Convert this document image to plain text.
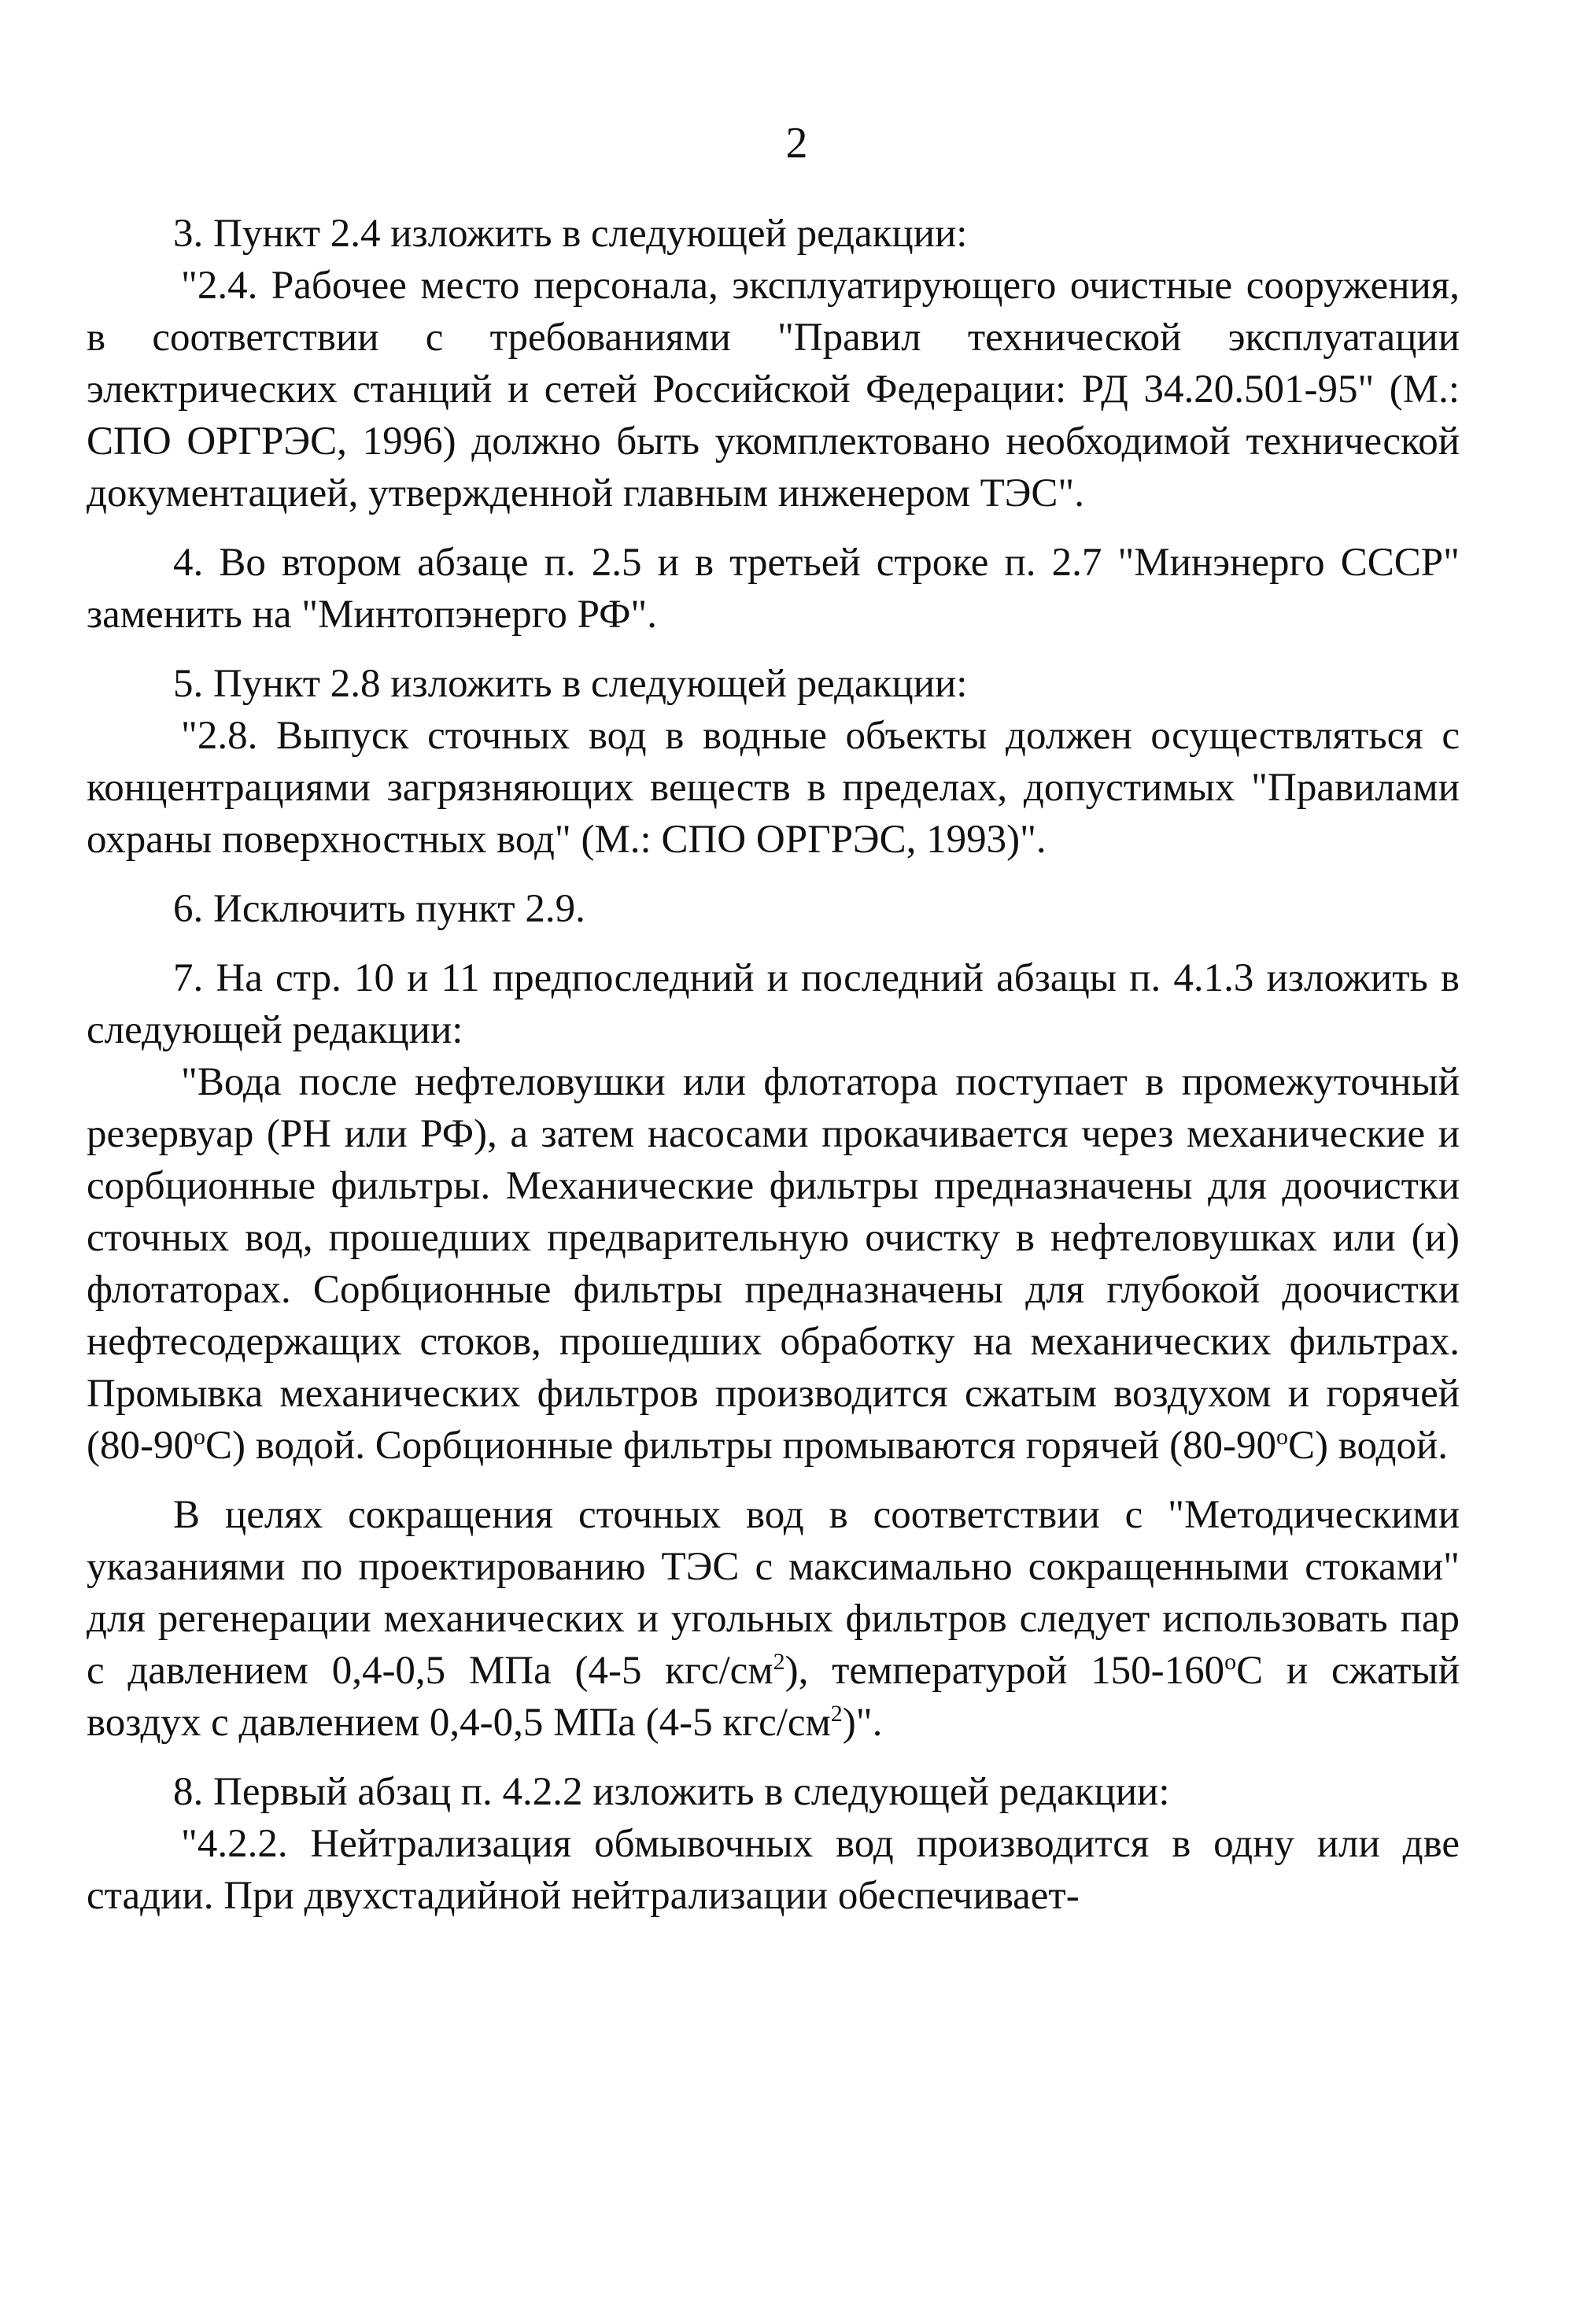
2

3. Пункт 2.4 изложить в следующей редакции:

"2.4. Рабочее место персонала, эксплуатирующего очистные сооружения, в соответствии с требованиями "Правил технической эксплуатации электрических станций и сетей Российской Федерации: РД 34.20.501-95" (М.: СПО ОРГРЭС, 1996) должно быть укомплектовано необходимой технической документацией, утвержденной главным инженером ТЭС".

4. Во втором абзаце п. 2.5 и в третьей строке п. 2.7 "Минэнерго СССР" заменить на "Минтопэнерго РФ".

5. Пункт 2.8 изложить в следующей редакции:

"2.8. Выпуск сточных вод в водные объекты должен осуществляться с концентрациями загрязняющих веществ в пределах, допустимых "Правилами охраны поверхностных вод" (М.: СПО ОРГРЭС, 1993)".

6. Исключить пункт 2.9.

7. На стр. 10 и 11 предпоследний и последний абзацы п. 4.1.3 изложить в следующей редакции:

"Вода после нефтеловушки или флотатора поступает в промежуточный резервуар (РН или РФ), а затем насосами прокачивается через механические и сорбционные фильтры. Механические фильтры предназначены для доочистки сточных вод, прошедших предварительную очистку в нефтеловушках или (и) флотаторах. Сорбционные фильтры предназначены для глубокой доочистки нефтесодержащих стоков, прошедших обработку на механических фильтрах. Промывка механических фильтров производится сжатым воздухом и горячей $(80-90^оС)$ водой. Сорбционные фильтры промываются горячей $(80-90^оС)$ водой.

В целях сокращения сточных вод в соответствии с "Методическими указаниями по проектированию ТЭС с максимально сокращенными стоками" для регенерации механических и угольных фильтров следует использовать пар с давлением 0,4-0,5 МПа (4-5 кгс/$см^2$), температурой $150-160^оС$ и сжатый воздух с давлением 0,4-0,5 МПа (4-5 кгс/$см^2$)".

8. Первый абзац п. 4.2.2 изложить в следующей редакции:

"4.2.2. Нейтрализация обмывочных вод производится в одну или две стадии. При двухстадийной нейтрализации обеспечивает-
